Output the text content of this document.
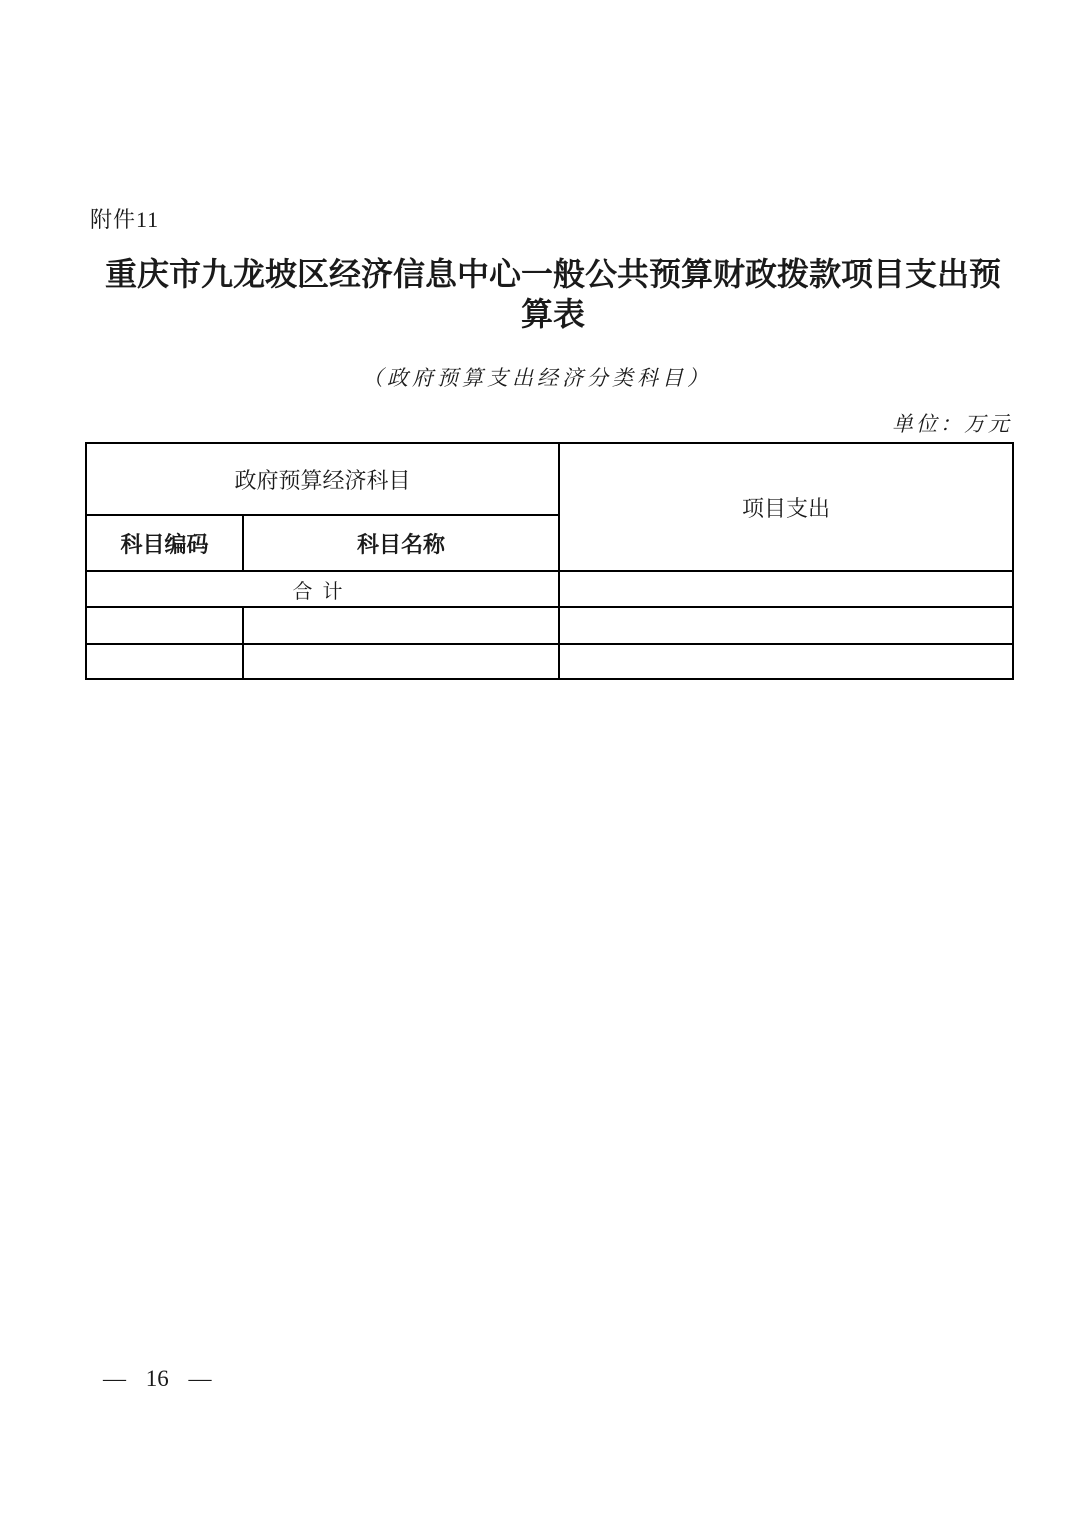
附件11
重庆市九龙坡区经济信息中心一般公共预算财政拨款项目支出预算表
（政府预算支出经济分类科目）
单位：万元
政府预算经济科目		项目支出
科目编码	科目名称	
合计		

— 16 —
